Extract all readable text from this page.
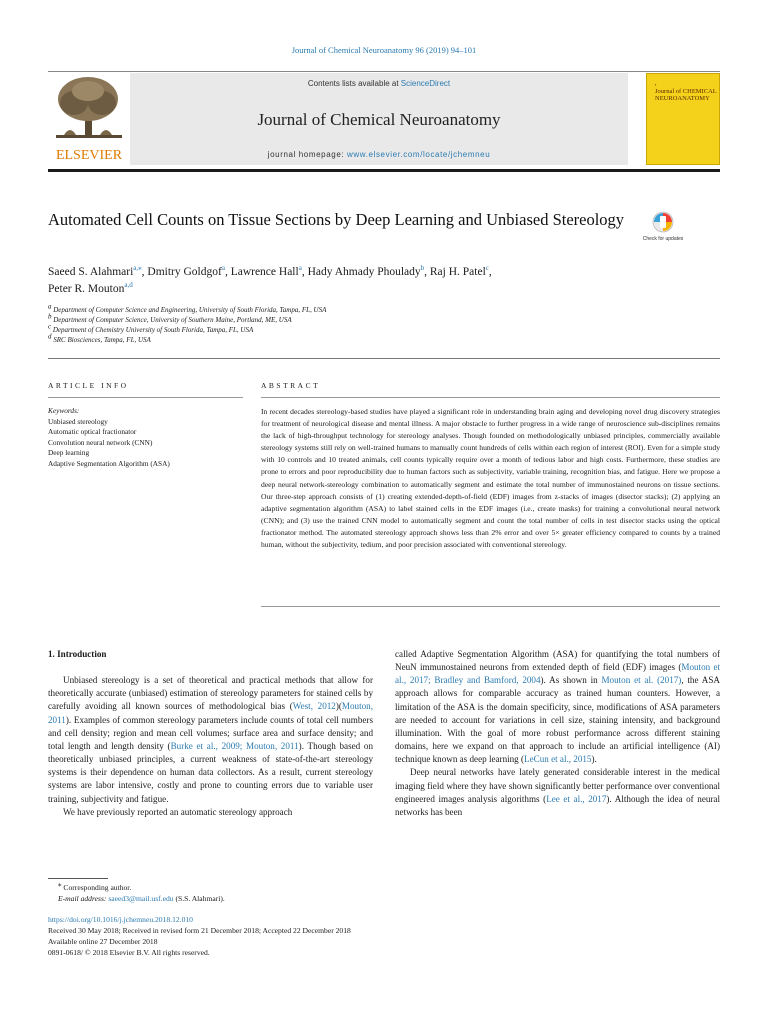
Journal of Chemical Neuroanatomy 96 (2019) 94–101
ELSEVIER
Contents lists available at ScienceDirect
Journal of Chemical Neuroanatomy
journal homepage: www.elsevier.com/locate/jchemneu
▪
Journal of CHEMICAL NEUROANATOMY
Automated Cell Counts on Tissue Sections by Deep Learning and Unbiased Stereology
Check for updates
Saeed S. Alahmari$^{a,⁎}$, Dmitry Goldgof$^a$, Lawrence Hall$^a$, Hady Ahmady Phoulady$^b$, Raj H. Patel$^c$,
Peter R. Mouton$^{a,d}$
$^a$ Department of Computer Science and Engineering, University of South Florida, Tampa, FL, USA
$^b$ Department of Computer Science, University of Southern Maine, Portland, ME, USA
$^c$ Department of Chemistry University of South Florida, Tampa, FL, USA
$^d$ SRC Biosciences, Tampa, FL, USA
ARTICLE INFO	ABSTRACT
Keywords:
Unbiased stereology
Automatic optical fractionator
Convolution neural network (CNN)
Deep learning
Adaptive Segmentation Algorithm (ASA)
In recent decades stereology-based studies have played a significant role in understanding brain aging and developing novel drug discovery strategies for treatment of neurological disease and mental illness. A major obstacle to further progress in a wide range of neuroscience sub-disciplines remains the lack of high-throughput technology for stereology analyses. Though founded on methodologically unbiased principles, commercially available stereology systems still rely on well-trained humans to manually count hundreds of cells within each region of interest (ROI). Even for a simple study with 10 controls and 10 treated animals, cell counts typically require over a month of tedious labor and high costs. Furthermore, these studies are prone to errors and poor reproducibility due to human factors such as subjectivity, variable training, recognition bias, and fatigue. Here we propose a deep neural network-stereology combination to automatically segment and estimate the total number of immunostained neurons on tissue sections. Our three-step approach consists of (1) creating extended-depth-of-field (EDF) images from z-stacks of images (disector stacks); (2) applying an adaptive segmentation algorithm (ASA) to label stained cells in the EDF images (i.e., create masks) for training a convolutional neural network (CNN); and (3) use the trained CNN model to automatically segment and count the total number of cells in test disector stacks using the optical fractionator method. The automated stereology approach shows less than 2% error and over 5× greater efficiency compared to counts by a trained human, without the subjectivity, tedium, and poor precision associated with conventional stereology.
1. Introduction

Unbiased stereology is a set of theoretical and practical methods that allow for theoretically accurate (unbiased) estimation of stereology parameters for stained cells by carefully avoiding all known sources of methodological bias (West, 2012)(Mouton, 2011). Examples of common stereology parameters include counts of total cell numbers and cell density; region and mean cell volumes; surface area and surface density; and total length and length density (Burke et al., 2009; Mouton, 2011). Though based on theoretically unbiased principles, a current weakness of state-of-the-art stereology systems is their dependence on human data collectors. As a result, current stereology systems are labor intensive, costly and prone to counting errors due to variable user training, subjectivity and fatigue.

We have previously reported an automatic stereology approach

called Adaptive Segmentation Algorithm (ASA) for quantifying the total numbers of NeuN immunostained neurons from extended depth of field (EDF) images (Mouton et al., 2017; Bradley and Bamford, 2004). As shown in Mouton et al. (2017), the ASA approach allows for comparable accuracy as trained human counters. However, a limitation of the ASA is the domain specificity, since, modifications of ASA parameters are needed to account for variations in cell size, staining intensity, and background illumination. With the goal of more robust performance across different staining domains, here we expand on that approach to include an artificial intelligence (AI) technique known as deep learning (LeCun et al., 2015).

Deep neural networks have lately generated considerable interest in the medical imaging field where they have shown significantly better performance over conventional engineered images analysis algorithms (Lee et al., 2017). Although the idea of neural networks has been

⁎ Corresponding author.
E-mail address: saeed3@mail.usf.edu (S.S. Alahmari).
https://doi.org/10.1016/j.jchemneu.2018.12.010
Received 30 May 2018; Received in revised form 21 December 2018; Accepted 22 December 2018
Available online 27 December 2018
0891-0618/ © 2018 Elsevier B.V. All rights reserved.
